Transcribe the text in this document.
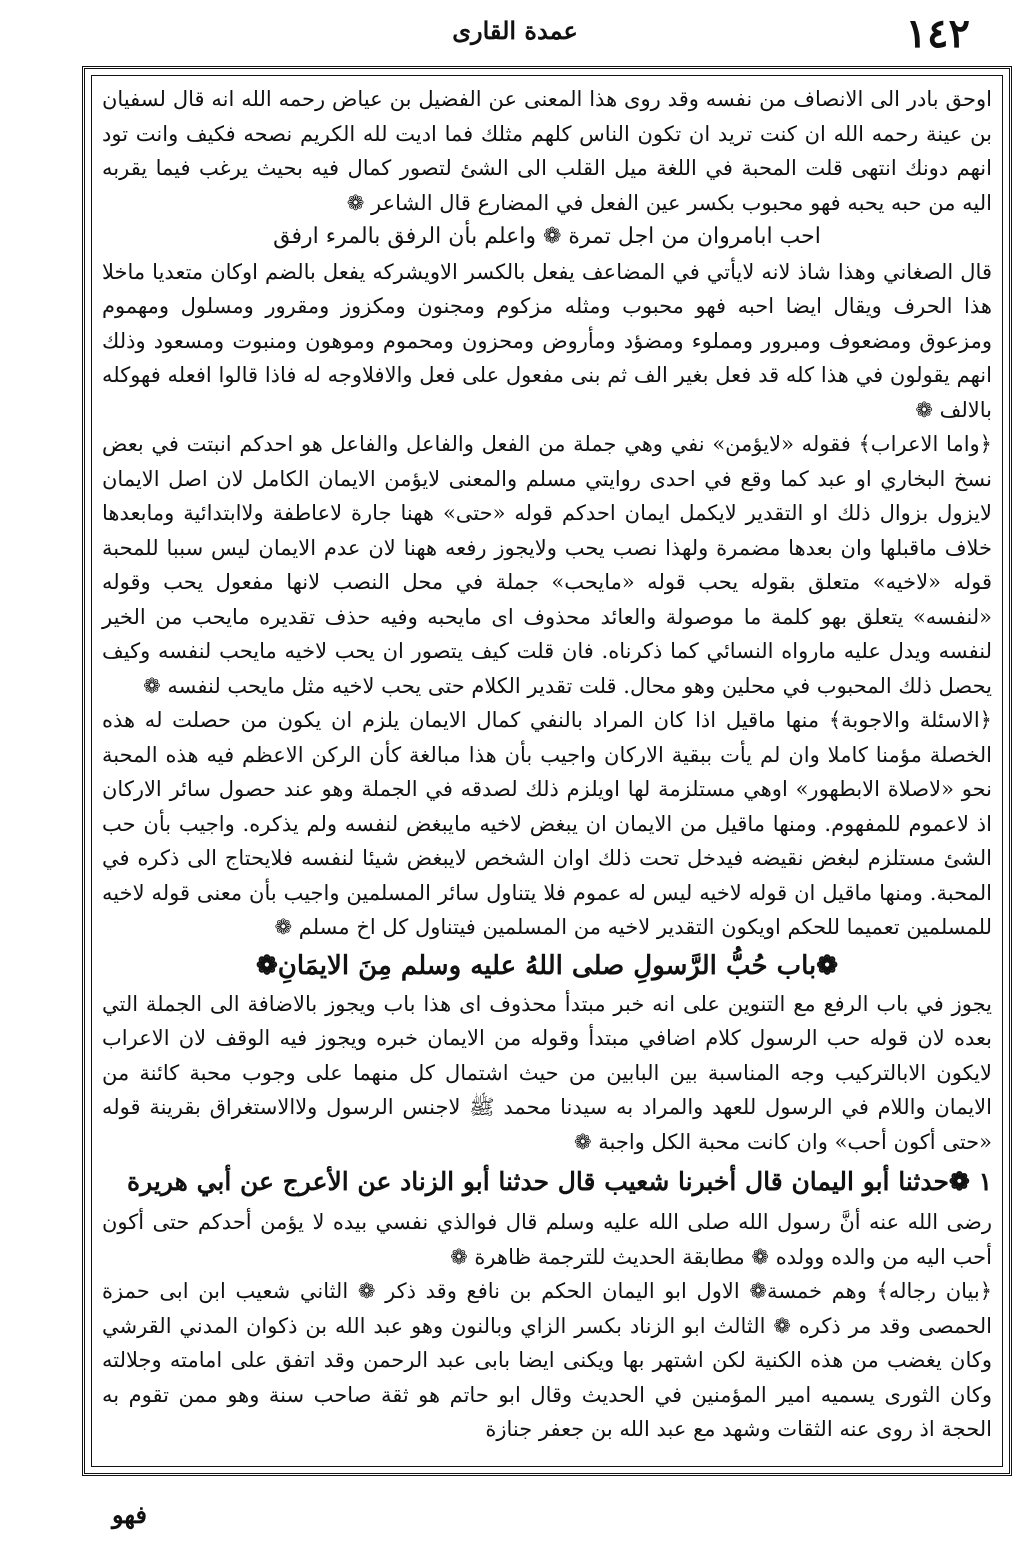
١٤٢
عمدة القاری

اوحق بادر الى الانصاف من نفسه وقد روى هذا المعنى عن الفضيل بن عياض رحمه الله انه قال لسفيان بن عينة رحمه الله ان كنت تريد ان تكون الناس كلهم مثلك فما اديت لله الكريم نصحه فكيف وانت تود انهم دونك انتهى قلت المحبة في اللغة ميل القلب الى الشئ لتصور كمال فيه بحيث يرغب فيما يقربه اليه من حبه يحبه فهو محبوب بكسر عين الفعل في المضارع قال الشاعر ❁

احب ابامروان من اجل تمرة ❁ واعلم بأن الرفق بالمرء ارفق

قال الصغاني وهذا شاذ لانه لايأتي في المضاعف يفعل بالكسر الاويشركه يفعل بالضم اوكان متعديا ماخلا هذا الحرف ويقال ايضا احبه فهو محبوب ومثله مزكوم ومجنون ومكزوز ومقرور ومسلول ومهموم ومزعوق ومضعوف ومبرور ومملوء ومضؤد ومأروض ومحزون ومحموم وموهون ومنبوت ومسعود وذلك انهم يقولون في هذا كله قد فعل بغير الف ثم بنى مفعول على فعل والافلاوجه له فاذا قالوا افعله فهوكله بالالف ❁

﴿واما الاعراب﴾ فقوله «لايؤمن» نفي وهي جملة من الفعل والفاعل والفاعل هو احدكم انبتت في بعض نسخ البخاري او عبد كما وقع في احدى روايتي مسلم والمعنى لايؤمن الايمان الكامل لان اصل الايمان لايزول بزوال ذلك او التقدير لايكمل ايمان احدكم قوله «حتى» ههنا جارة لاعاطفة ولاابتدائية ومابعدها خلاف ماقبلها وان بعدها مضمرة ولهذا نصب يحب ولايجوز رفعه ههنا لان عدم الايمان ليس سببا للمحبة قوله «لاخيه» متعلق بقوله يحب قوله «مايحب» جملة في محل النصب لانها مفعول يحب وقوله «لنفسه» يتعلق بهو كلمة ما موصولة والعائد محذوف اى مايحبه وفيه حذف تقديره مايحب من الخير لنفسه ويدل عليه مارواه النسائي كما ذكرناه. فان قلت كيف يتصور ان يحب لاخيه مايحب لنفسه وكيف يحصل ذلك المحبوب في محلين وهو محال. قلت تقدير الكلام حتى يحب لاخيه مثل مايحب لنفسه ❁

﴿الاسئلة والاجوبة﴾ منها ماقيل اذا كان المراد بالنفي كمال الايمان يلزم ان يكون من حصلت له هذه الخصلة مؤمنا كاملا وان لم يأت ببقية الاركان واجيب بأن هذا مبالغة كأن الركن الاعظم فيه هذه المحبة نحو «لاصلاة الابطهور» اوهي مستلزمة لها اويلزم ذلك لصدقه في الجملة وهو عند حصول سائر الاركان اذ لاعموم للمفهوم. ومنها ماقيل من الايمان ان يبغض لاخيه مايبغض لنفسه ولم يذكره. واجيب بأن حب الشئ مستلزم لبغض نقيضه فيدخل تحت ذلك اوان الشخص لايبغض شيئا لنفسه فلايحتاج الى ذكره في المحبة. ومنها ماقيل ان قوله لاخيه ليس له عموم فلا يتناول سائر المسلمين واجيب بأن معنى قوله لاخيه للمسلمين تعميما للحكم اويكون التقدير لاخيه من المسلمين فيتناول كل اخ مسلم ❁

❁باب حُبُّ الرَّسولِ صلى اللهُ عليه وسلم مِنَ الايمَانِ❁

يجوز في باب الرفع مع التنوين على انه خبر مبتدأ محذوف اى هذا باب ويجوز بالاضافة الى الجملة التي بعده لان قوله حب الرسول كلام اضافي مبتدأ وقوله من الايمان خبره ويجوز فيه الوقف لان الاعراب لايكون الابالتركيب وجه المناسبة بين البابين من حيث اشتمال كل منهما على وجوب محبة كائنة من الايمان واللام في الرسول للعهد والمراد به سيدنا محمد ﷺ لاجنس الرسول ولاالاستغراق بقرينة قوله «حتى أكون أحب» وان كانت محبة الكل واجبة ❁

١ ❁حدثنا أبو اليمان قال أخبرنا شعيب قال حدثنا أبو الزناد عن الأعرج عن أبي هريرة

رضى الله عنه أنَّ رسول الله صلى الله عليه وسلم قال فوالذي نفسي بيده لا يؤمن أحدكم حتى أكون أحب اليه من والده وولده ❁ مطابقة الحديث للترجمة ظاهرة ❁

﴿بيان رجاله﴾ وهم خمسة❁ الاول ابو اليمان الحكم بن نافع وقد ذكر ❁ الثاني شعيب ابن ابى حمزة الحمصى وقد مر ذكره ❁ الثالث ابو الزناد بكسر الزاي وبالنون وهو عبد الله بن ذكوان المدني القرشي وكان يغضب من هذه الكنية لكن اشتهر بها ويكنى ايضا بابى عبد الرحمن وقد اتفق على امامته وجلالته وكان الثورى يسميه امير المؤمنين في الحديث وقال ابو حاتم هو ثقة صاحب سنة وهو ممن تقوم به الحجة اذ روى عنه الثقات وشهد مع عبد الله بن جعفر جنازة

فهو
